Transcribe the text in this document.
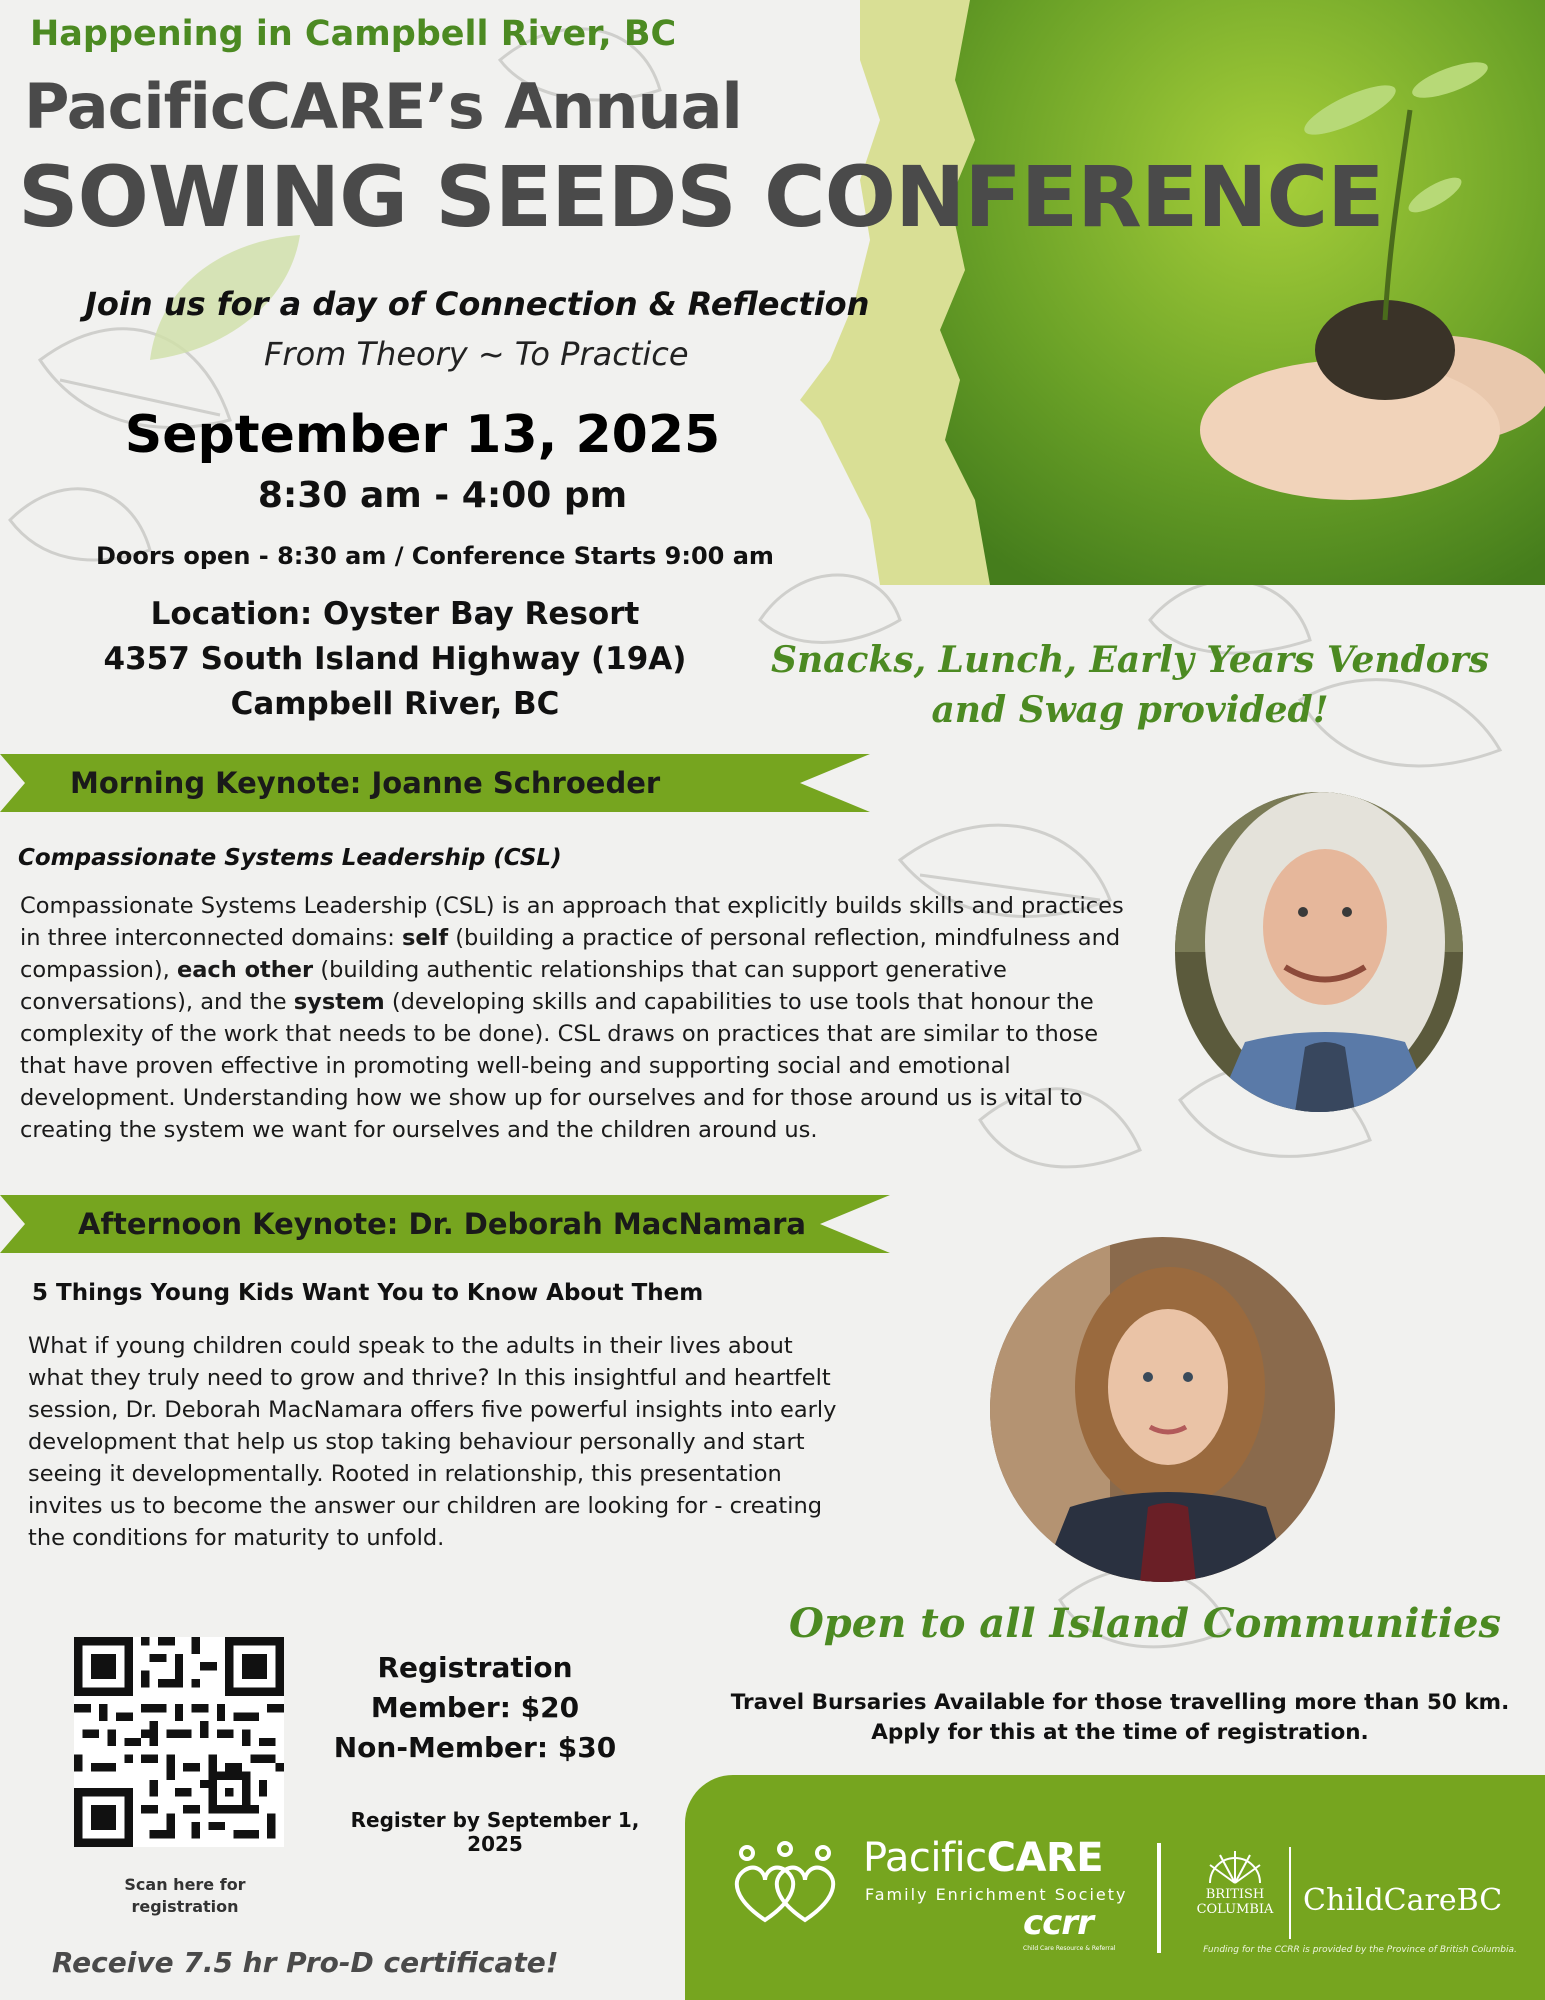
Happening in Campbell River, BC
PacificCARE’s Annual
SOWING SEEDS CONFERENCE
Join us for a day of Connection & Reflection
From Theory ~ To Practice
September 13, 2025
8:30 am - 4:00 pm
Doors open - 8:30 am / Conference Starts 9:00 am
Location: Oyster Bay Resort
4357 South Island Highway (19A)
Campbell River, BC
Snacks, Lunch, Early Years Vendors
and Swag provided!
Morning Keynote: Joanne Schroeder
Compassionate Systems Leadership (CSL)
Compassionate Systems Leadership (CSL) is an approach that explicitly builds skills and practices in three interconnected domains: self (building a practice of personal reflection, mindfulness and compassion), each other (building authentic relationships that can support generative conversations), and the system (developing skills and capabilities to use tools that honour the complexity of the work that needs to be done). CSL draws on practices that are similar to those that have proven effective in promoting well-being and supporting social and emotional development. Understanding how we show up for ourselves and for those around us is vital to creating the system we want for ourselves and the children around us.
Afternoon Keynote: Dr. Deborah MacNamara
5 Things Young Kids Want You to Know About Them
What if young children could speak to the adults in their lives about what they truly need to grow and thrive? In this insightful and heartfelt session, Dr. Deborah MacNamara offers five powerful insights into early development that help us stop taking behaviour personally and start seeing it developmentally. Rooted in relationship, this presentation invites us to become the answer our children are looking for - creating the conditions for maturity to unfold.
Open to all Island Communities
Travel Bursaries Available for those travelling more than 50 km. Apply for this at the time of registration.
Scan here for
registration
Registration
Member: $20
Non-Member: $30
Register by September 1, 2025
Receive 7.5 hr Pro-D certificate!
PacificCARE
Family Enrichment Society
ccrr
Child Care Resource & Referral
BRITISH
COLUMBIA ChildCareBC
Funding for the CCRR is provided by the Province of British Columbia.
